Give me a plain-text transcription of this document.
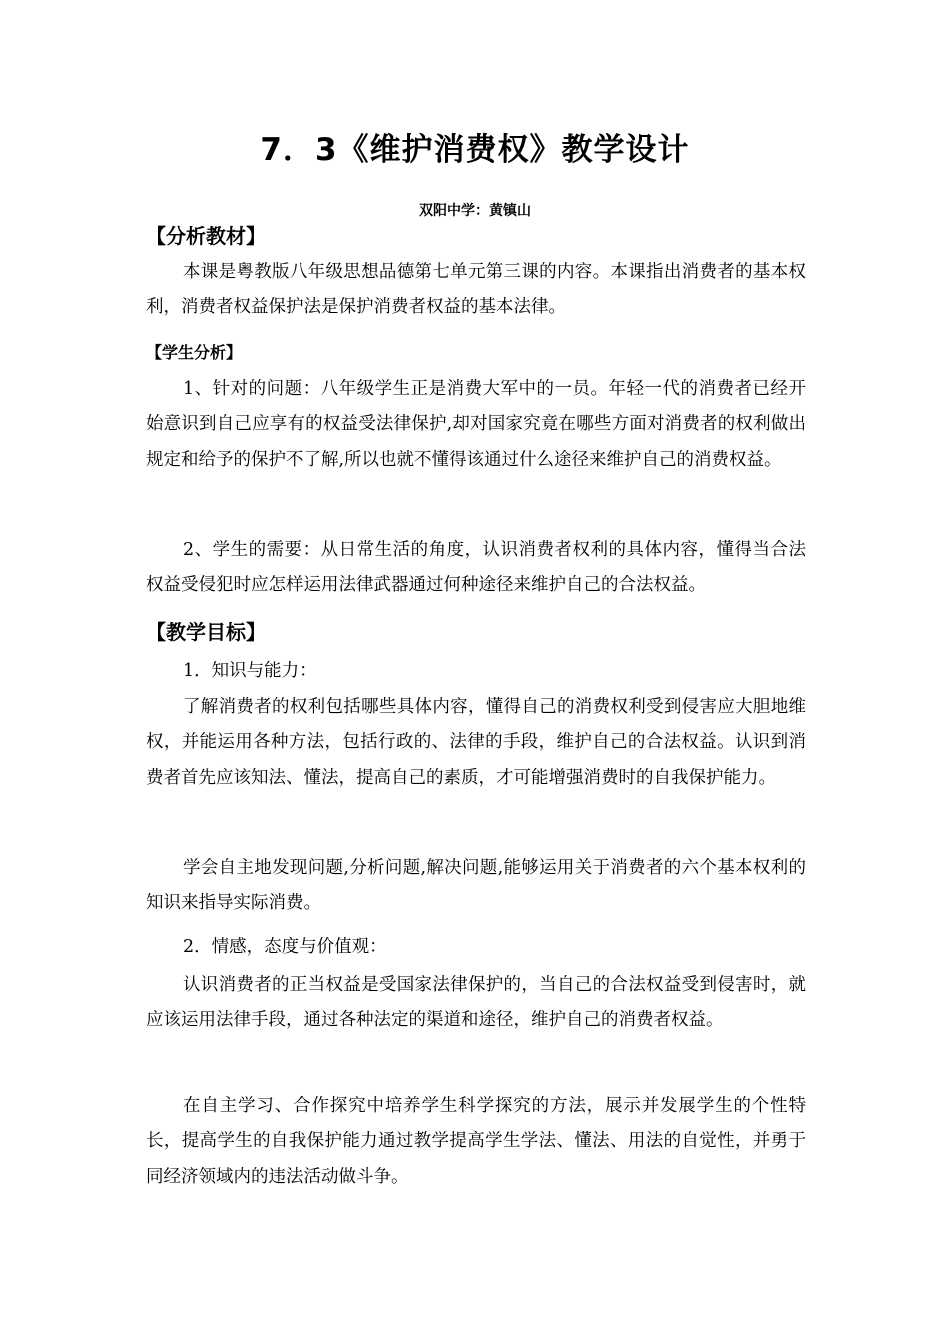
7．3《维护消费权》教学设计
双阳中学：黄镇山
【分析教材】

本课是粤教版八年级思想品德第七单元第三课的内容。本课指出消费者的基本权利，消费者权益保护法是保护消费者权益的基本法律。

【学生分析】

1、针对的问题：八年级学生正是消费大军中的一员。年轻一代的消费者已经开始意识到自己应享有的权益受法律保护,却对国家究竟在哪些方面对消费者的权利做出规定和给予的保护不了解,所以也就不懂得该通过什么途径来维护自己的消费权益。

2、学生的需要：从日常生活的角度，认识消费者权利的具体内容，懂得当合法权益受侵犯时应怎样运用法律武器通过何种途径来维护自己的合法权益。

【教学目标】

1．知识与能力：

了解消费者的权利包括哪些具体内容，懂得自己的消费权利受到侵害应大胆地维权，并能运用各种方法，包括行政的、法律的手段，维护自己的合法权益。认识到消费者首先应该知法、懂法，提高自己的素质，才可能增强消费时的自我保护能力。

学会自主地发现问题,分析问题,解决问题,能够运用关于消费者的六个基本权利的知识来指导实际消费。

2．情感，态度与价值观：

认识消费者的正当权益是受国家法律保护的，当自己的合法权益受到侵害时，就应该运用法律手段，通过各种法定的渠道和途径，维护自己的消费者权益。

在自主学习、合作探究中培养学生科学探究的方法，展示并发展学生的个性特长，提高学生的自我保护能力通过教学提高学生学法、懂法、用法的自觉性，并勇于同经济领域内的违法活动做斗争。
